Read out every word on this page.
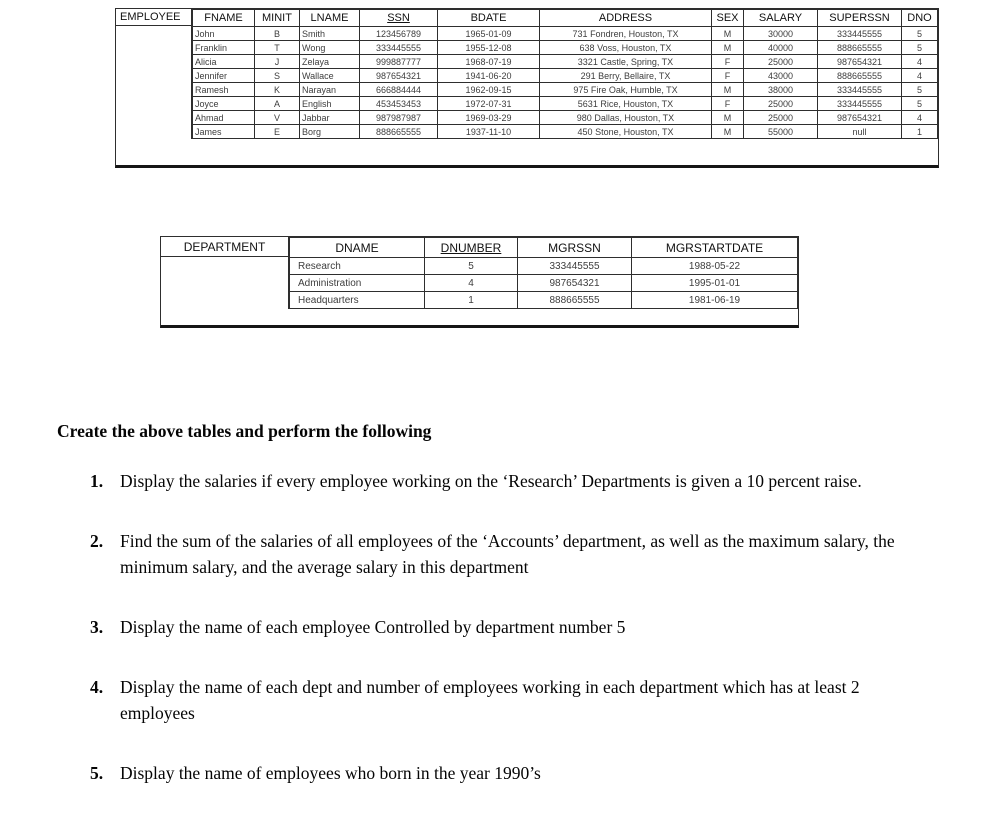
EMPLOYEE	FNAME	MINIT	LNAME	SSN	BDATE	ADDRESS	SEX	SALARY	SUPERSSN	DNO
John	B	Smith	123456789	1965-01-09	731 Fondren, Houston, TX	M	30000	333445555	5
Franklin	T	Wong	333445555	1955-12-08	638 Voss, Houston, TX	M	40000	888665555	5
Alicia	J	Zelaya	999887777	1968-07-19	3321 Castle, Spring, TX	F	25000	987654321	4
Jennifer	S	Wallace	987654321	1941-06-20	291 Berry, Bellaire, TX	F	43000	888665555	4
Ramesh	K	Narayan	666884444	1962-09-15	975 Fire Oak, Humble, TX	M	38000	333445555	5
Joyce	A	English	453453453	1972-07-31	5631 Rice, Houston, TX	F	25000	333445555	5
Ahmad	V	Jabbar	987987987	1969-03-29	980 Dallas, Houston, TX	M	25000	987654321	4
James	E	Borg	888665555	1937-11-10	450 Stone, Houston, TX	M	55000	null	1
DEPARTMENT	DNAME	DNUMBER	MGRSSN	MGRSTARTDATE
Research	5	333445555	1988-05-22
Administration	4	987654321	1995-01-01
Headquarters	1	888665555	1981-06-19
Create the above tables and perform the following
1. Display the salaries if every employee working on the ‘Research’ Departments is given a 10 percent raise.
2. Find the sum of the salaries of all employees of the ‘Accounts’ department, as well as the maximum salary, the minimum salary, and the average salary in this department
3. Display the name of each employee Controlled by department number 5
4. Display the name of each dept and number of employees working in each department which has at least 2 employees
5. Display the name of employees who born in the year 1990’s
